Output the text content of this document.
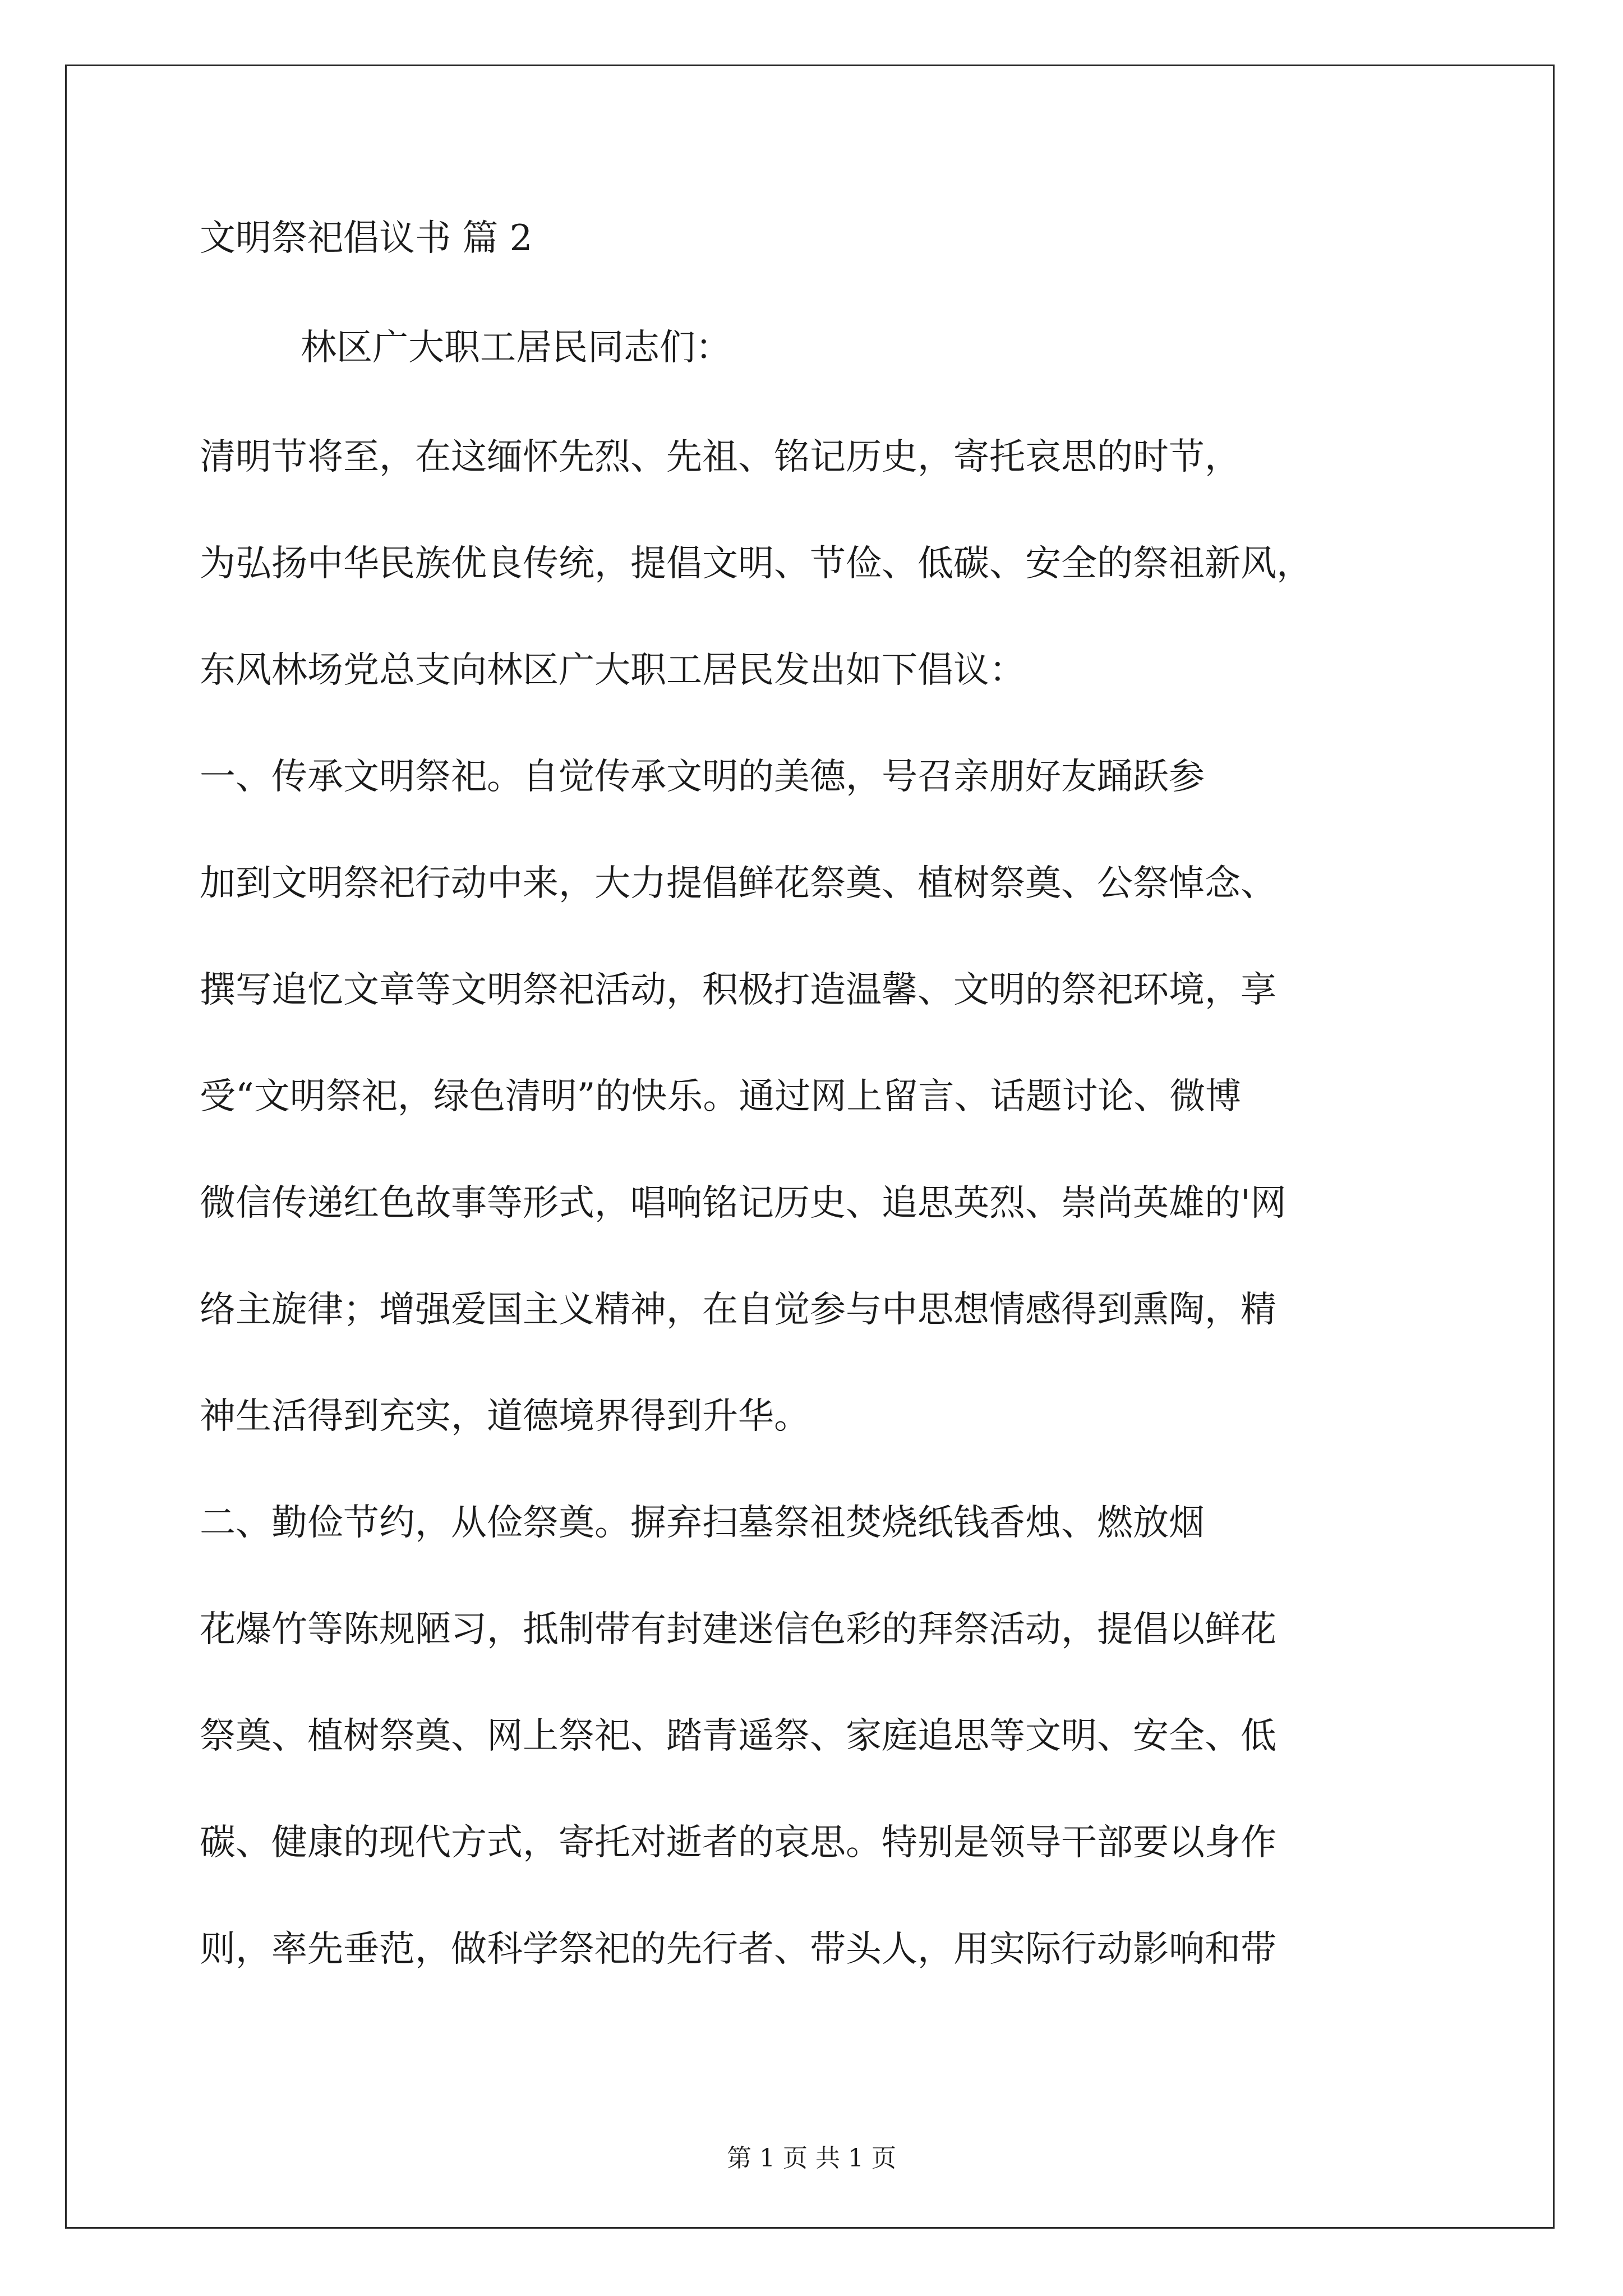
文明祭祀倡议书 篇 2
林区广大职工居民同志们：
清明节将至，在这缅怀先烈、先祖、铭记历史，寄托哀思的时节，
为弘扬中华民族优良传统，提倡文明、节俭、低碳、安全的祭祖新风，
东风林场党总支向林区广大职工居民发出如下倡议：
一、传承文明祭祀。自觉传承文明的美德，号召亲朋好友踊跃参
加到文明祭祀行动中来，大力提倡鲜花祭奠、植树祭奠、公祭悼念、
撰写追忆文章等文明祭祀活动，积极打造温馨、文明的祭祀环境，享
受“文明祭祀，绿色清明”的快乐。通过网上留言、话题讨论、微博
微信传递红色故事等形式，唱响铭记历史、追思英烈、崇尚英雄的'网
络主旋律；增强爱国主义精神，在自觉参与中思想情感得到熏陶，精
神生活得到充实，道德境界得到升华。
二、勤俭节约，从俭祭奠。摒弃扫墓祭祖焚烧纸钱香烛、燃放烟
花爆竹等陈规陋习，抵制带有封建迷信色彩的拜祭活动，提倡以鲜花
祭奠、植树祭奠、网上祭祀、踏青遥祭、家庭追思等文明、安全、低
碳、健康的现代方式，寄托对逝者的哀思。特别是领导干部要以身作
则，率先垂范，做科学祭祀的先行者、带头人，用实际行动影响和带
第 1 页 共 1 页
